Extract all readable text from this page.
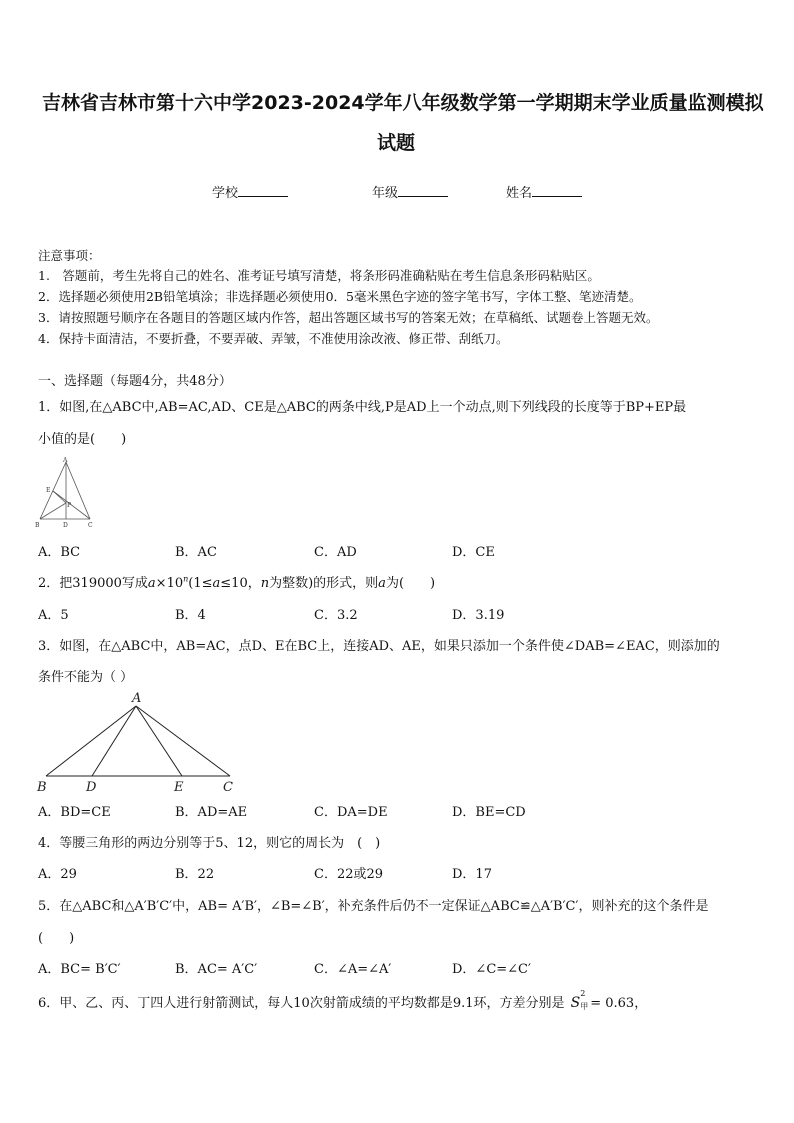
吉林省吉林市第十六中学2023-2024学年八年级数学第一学期期末学业质量监测模拟
试题
学校	年级	姓名
注意事项：
1.　答题前，考生先将自己的姓名、准考证号填写清楚，将条形码准确粘贴在考生信息条形码粘贴区。
2．选择题必须使用2B铅笔填涂；非选择题必须使用0．5毫米黑色字迹的签字笔书写，字体工整、笔迹清楚。
3．请按照题号顺序在各题目的答题区域内作答，超出答题区域书写的答案无效；在草稿纸、试题卷上答题无效。
4．保持卡面清洁，不要折叠，不要弄破、弄皱，不准使用涂改液、修正带、刮纸刀。
一、选择题（每题4分，共48分）
1．如图,在△ABC中,AB=AC,AD、CE是△ABC的两条中线,P是AD上一个动点,则下列线段的长度等于BP+EP最
小值的是(　　)
A
E
P
B	D	C
A．BC	B．AC	C．AD	D．CE
2．把319000写成$a\times 10^n(1\le a\le 10$，n为整数)的形式，则a为(　　)
A．5	B．4	C．3.2	D．3.19
3．如图，在△ABC中，AB=AC，点D、E在BC上，连接AD、AE，如果只添加一个条件使∠DAB=∠EAC，则添加的
条件不能为（ ）
A
B	D	E	C
A．BD=CE	B．AD=AE	C．DA=DE	D．BE=CD
4．等腰三角形的两边分别等于5、12，则它的周长为　(　)
A．29	B．22	C．22或29	D．17
5．在△ABC和△A′B′C′中，AB= A′B′，∠B=∠B′，补充条件后仍不一定保证△ABC≌△A′B′C′，则补充的这个条件是
(　　)
A．BC= B′C′	B．AC= A′C′	C．∠A=∠A′	D．∠C=∠C′
6．甲、乙、丙、丁四人进行射箭测试，每人10次射箭成绩的平均数都是9.1环，方差分别是 S
2
甲 = 0.63，
